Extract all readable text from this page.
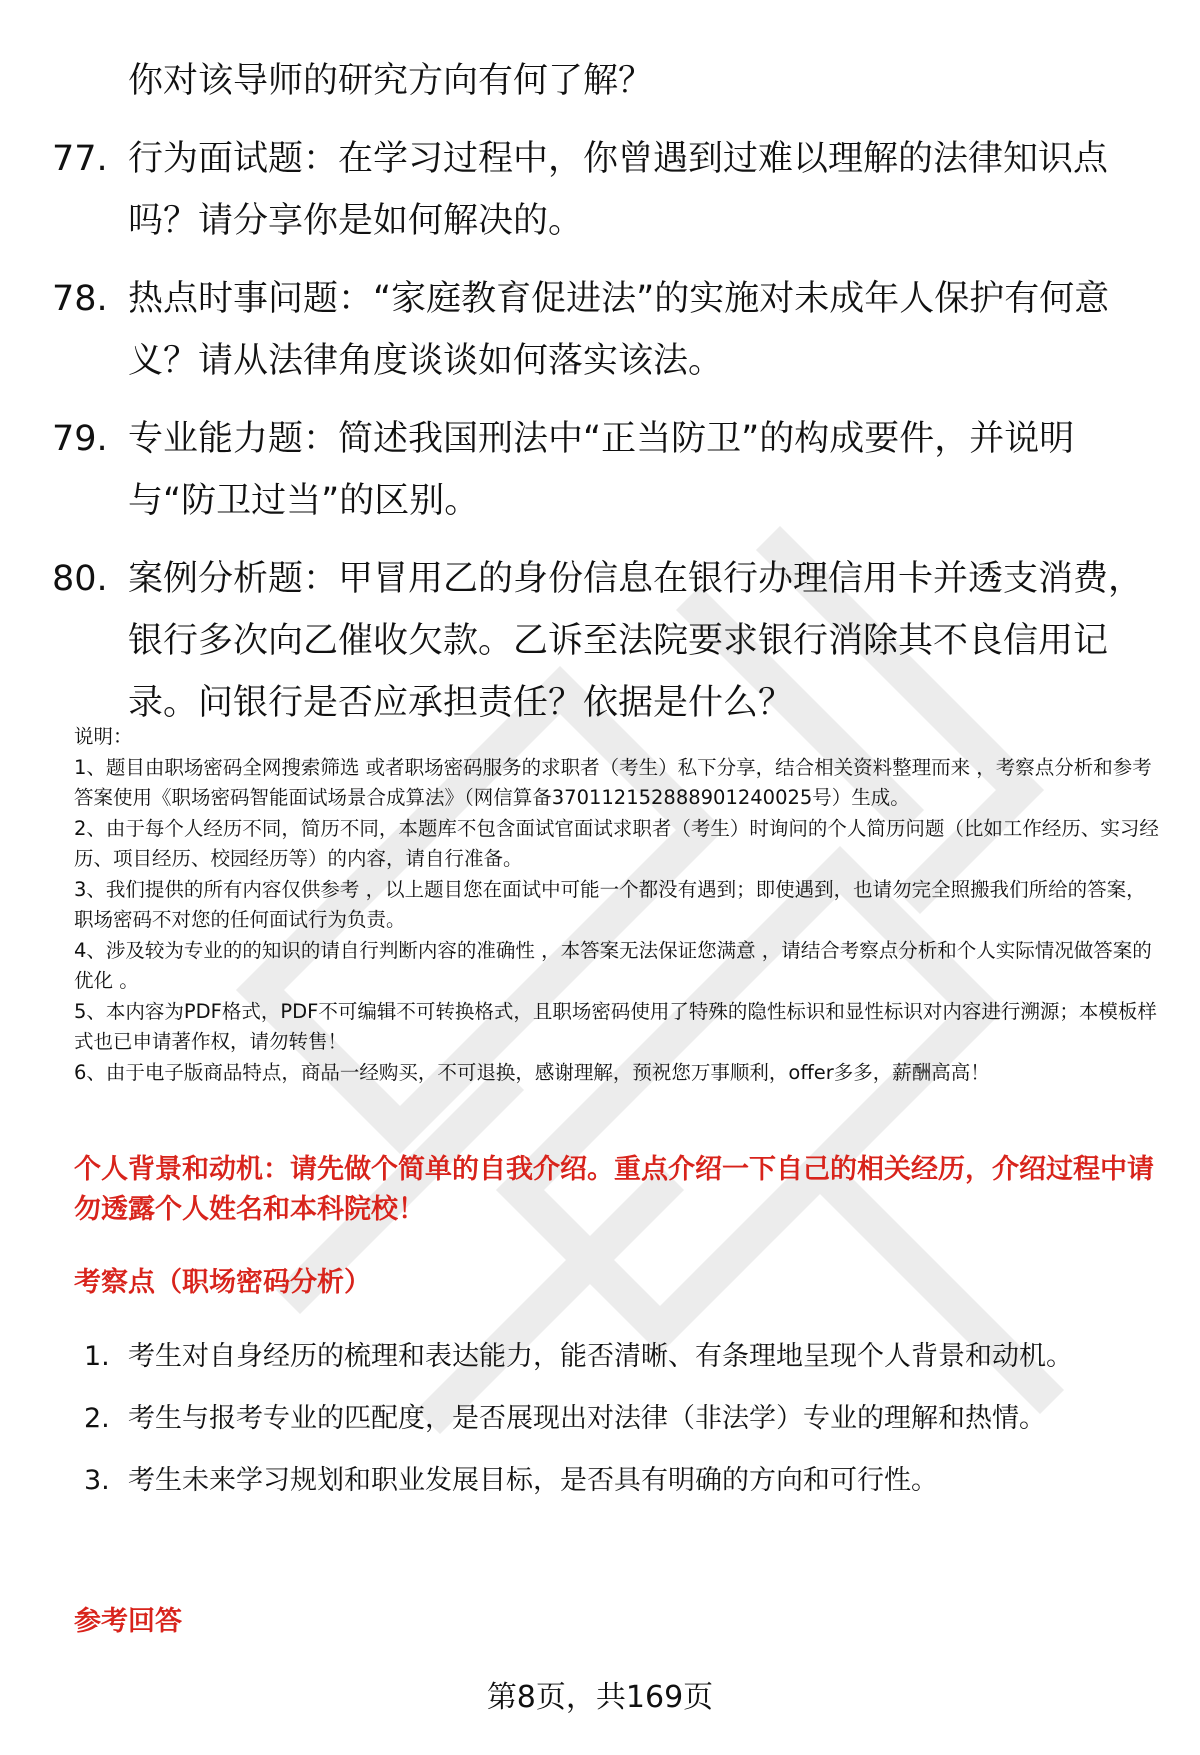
你对该导师的研究方向有何了解？

77. 行为面试题：在学习过程中，你曾遇到过难以理解的法律知识点吗？请分享你是如何解决的。
78. 热点时事问题：“家庭教育促进法”的实施对未成年人保护有何意义？请从法律角度谈谈如何落实该法。
79. 专业能力题：简述我国刑法中“正当防卫”的构成要件，并说明与“防卫过当”的区别。
80. 案例分析题：甲冒用乙的身份信息在银行办理信用卡并透支消费，银行多次向乙催收欠款。乙诉至法院要求银行消除其不良信用记录。问银行是否应承担责任？依据是什么？

说明：

1、题目由职场密码全网搜索筛选 或者职场密码服务的求职者（考生）私下分享，结合相关资料整理而来 ，考察点分析和参考答案使用《职场密码智能面试场景合成算法》（网信算备370112152888901240025号）生成。

2、由于每个人经历不同，简历不同，本题库不包含面试官面试求职者（考生）时询问的个人简历问题（比如工作经历、实习经历、项目经历、校园经历等）的内容，请自行准备。

3、我们提供的所有内容仅供参考 ，以上题目您在面试中可能一个都没有遇到；即使遇到，也请勿完全照搬我们所给的答案，职场密码不对您的任何面试行为负责。

4、涉及较为专业的的知识的请自行判断内容的准确性 ，本答案无法保证您满意 ，请结合考察点分析和个人实际情况做答案的优化 。

5、本内容为PDF格式，PDF不可编辑不可转换格式，且职场密码使用了特殊的隐性标识和显性标识对内容进行溯源；本模板样式也已申请著作权，请勿转售！

6、由于电子版商品特点，商品一经购买，不可退换，感谢理解，预祝您万事顺利，offer多多，薪酬高高！

个人背景和动机：请先做个简单的自我介绍。重点介绍一下自己的相关经历，介绍过程中请勿透露个人姓名和本科院校！
考察点（职场密码分析）
1. 考生对自身经历的梳理和表达能力，能否清晰、有条理地呈现个人背景和动机。
2. 考生与报考专业的匹配度，是否展现出对法律（非法学）专业的理解和热情。
3. 考生未来学习规划和职业发展目标，是否具有明确的方向和可行性。
参考回答
第8页，共169页
